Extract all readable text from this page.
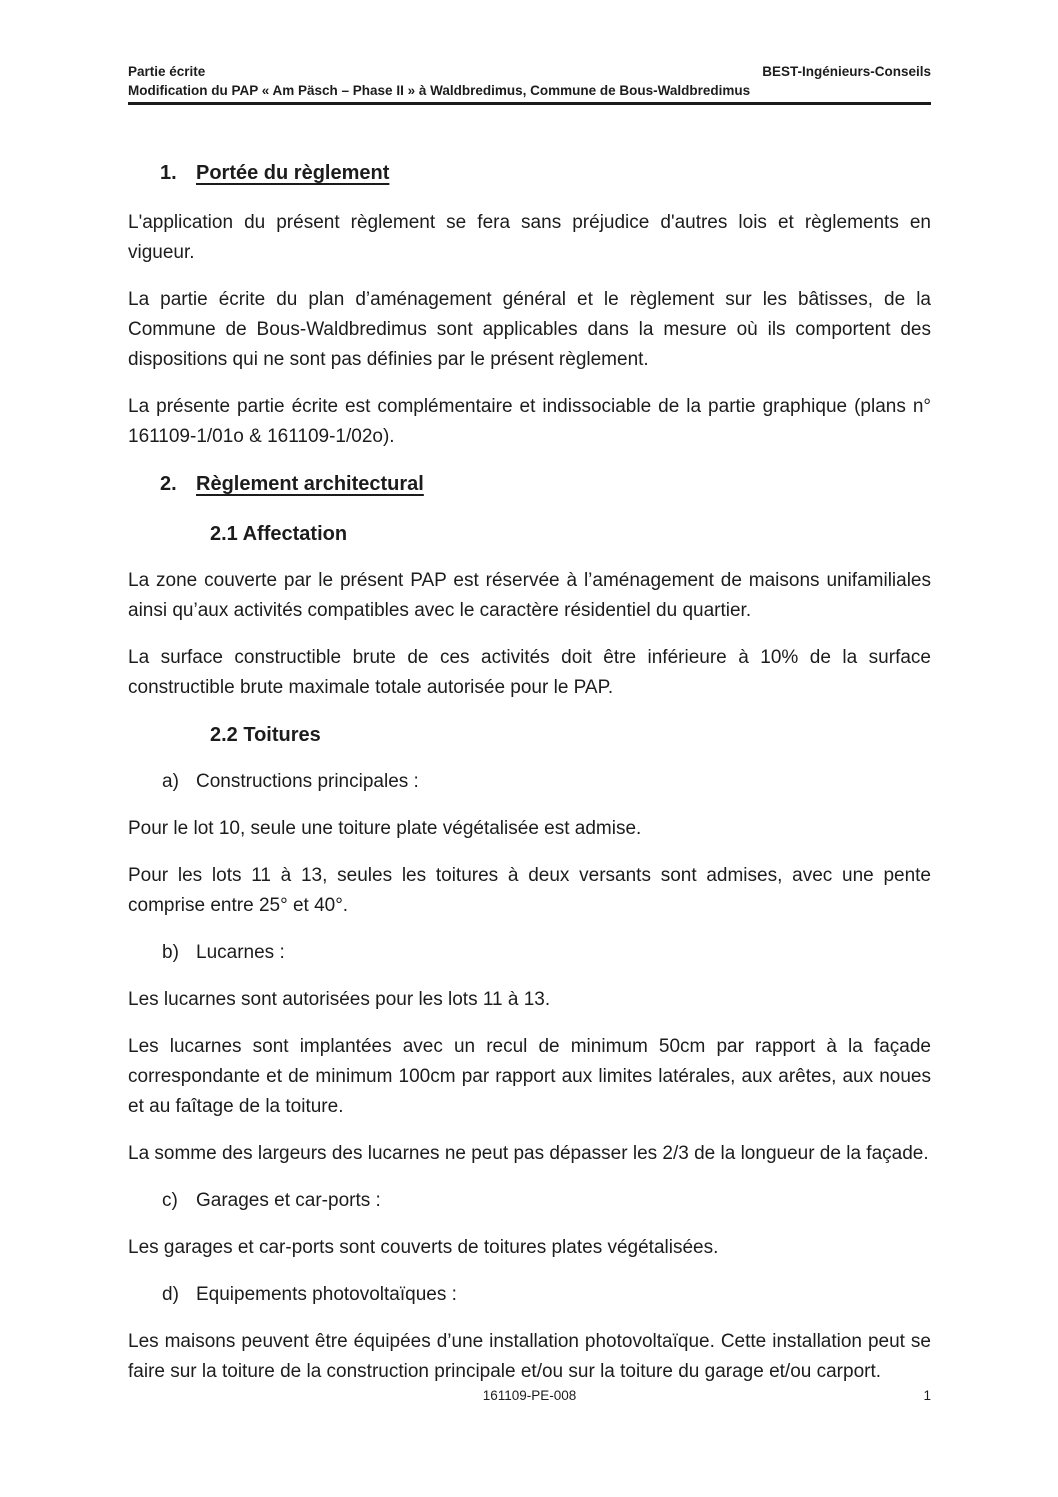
Partie écrite	BEST-Ingénieurs-Conseils
Modification du PAP « Am Päsch – Phase II » à Waldbredimus, Commune de Bous-Waldbredimus
1. Portée du règlement

L'application du présent règlement se fera sans préjudice d'autres lois et règlements en vigueur.

La partie écrite du plan d’aménagement général et le règlement sur les bâtisses, de la Commune de Bous-Waldbredimus sont applicables dans la mesure où ils comportent des dispositions qui ne sont pas définies par le présent règlement.

La présente partie écrite est complémentaire et indissociable de la partie graphique (plans n° 161109-1/01o & 161109-1/02o).

2. Règlement architectural
2.1 Affectation

La zone couverte par le présent PAP est réservée à l’aménagement de maisons unifamiliales ainsi qu’aux activités compatibles avec le caractère résidentiel du quartier.

La surface constructible brute de ces activités doit être inférieure à 10% de la surface constructible brute maximale totale autorisée pour le PAP.

2.2 Toitures
a) Constructions principales :

Pour le lot 10, seule une toiture plate végétalisée est admise.

Pour les lots 11 à 13, seules les toitures à deux versants sont admises, avec une pente comprise entre 25° et 40°.

b) Lucarnes :

Les lucarnes sont autorisées pour les lots 11 à 13.

Les lucarnes sont implantées avec un recul de minimum 50cm par rapport à la façade correspondante et de minimum 100cm par rapport aux limites latérales, aux arêtes, aux noues et au faîtage de la toiture.

La somme des largeurs des lucarnes ne peut pas dépasser les 2/3 de la longueur de la façade.

c) Garages et car-ports :

Les garages et car-ports sont couverts de toitures plates végétalisées.

d) Equipements photovoltaïques :

Les maisons peuvent être équipées d’une installation photovoltaïque. Cette installation peut se faire sur la toiture de la construction principale et/ou sur la toiture du garage et/ou carport.

161109-PE-008	1
